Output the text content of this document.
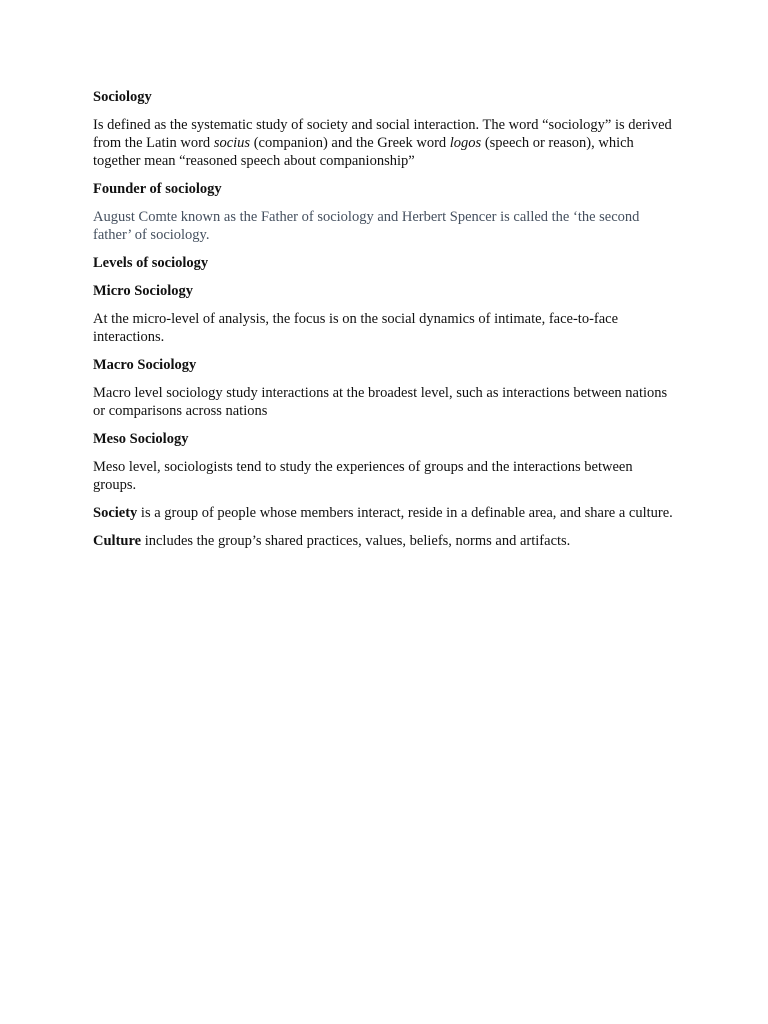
Sociology

Is defined as the systematic study of society and social interaction. The word “sociology” is derived from the Latin word socius (companion) and the Greek word logos (speech or reason), which together mean “reasoned speech about companionship”

Founder of sociology

August Comte known as the Father of sociology and Herbert Spencer is called the ‘the second father’ of sociology.

Levels of sociology

Micro Sociology

At the micro-level of analysis, the focus is on the social dynamics of intimate, face-to-face interactions.

Macro Sociology

Macro level sociology study interactions at the broadest level, such as interactions between nations or comparisons across nations

Meso Sociology

Meso level, sociologists tend to study the experiences of groups and the interactions between groups.

Society is a group of people whose members interact, reside in a definable area, and share a culture.

Culture includes the group’s shared practices, values, beliefs, norms and artifacts.
